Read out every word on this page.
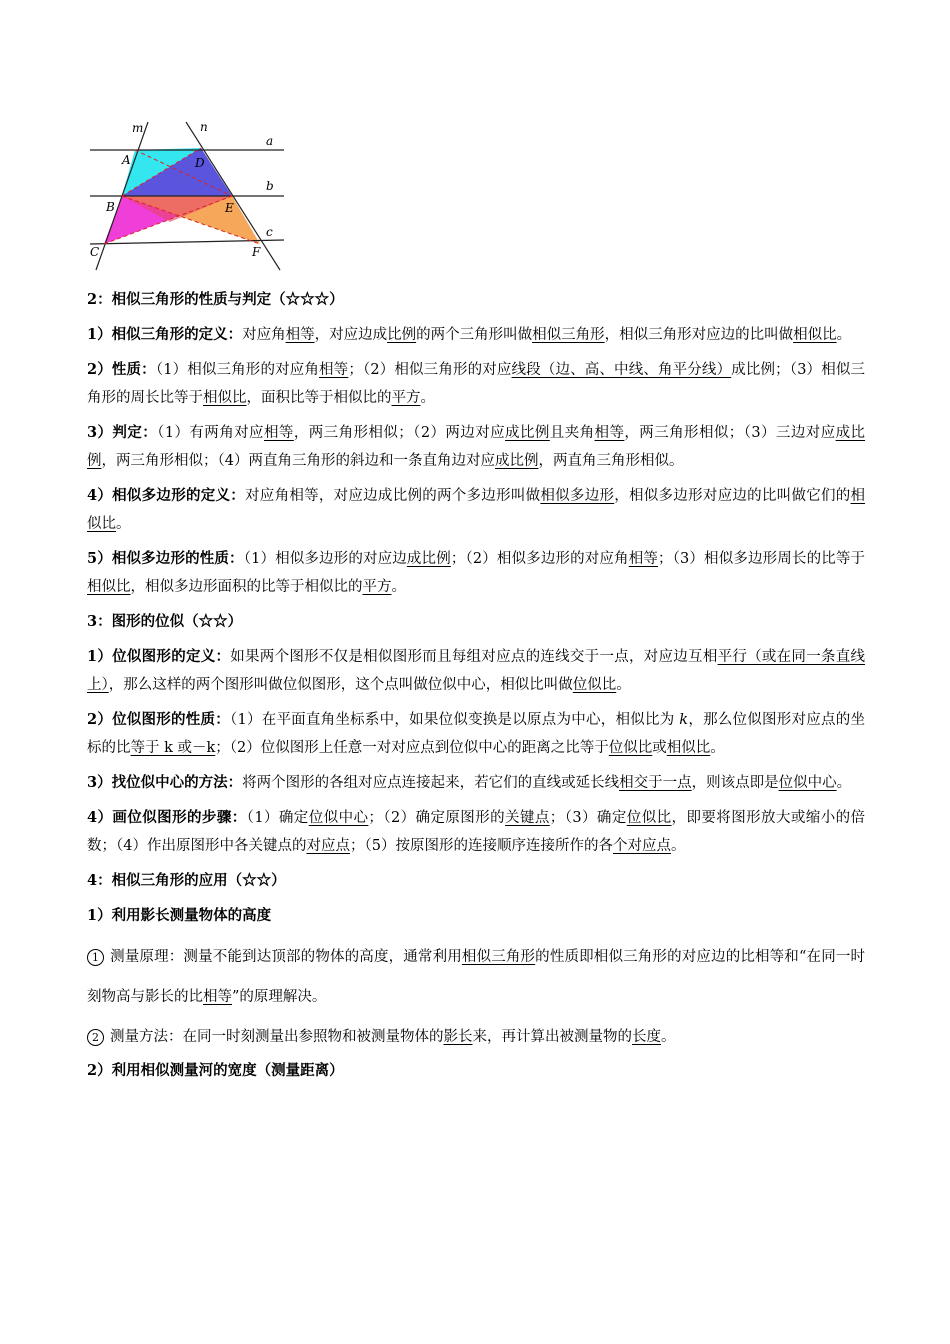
m	n
a
b
c
A	D
B	E
C	F

2：相似三角形的性质与判定（☆☆☆）

1）相似三角形的定义：对应角相等，对应边成比例的两个三角形叫做相似三角形，相似三角形对应边的比叫做相似比。

2）性质：（1）相似三角形的对应角相等；（2）相似三角形的对应线段（边、高、中线、角平分线）成比例；（3）相似三角形的周长比等于相似比，面积比等于相似比的平方。

3）判定：（1）有两角对应相等，两三角形相似；（2）两边对应成比例且夹角相等，两三角形相似；（3）三边对应成比例，两三角形相似；（4）两直角三角形的斜边和一条直角边对应成比例，两直角三角形相似。

4）相似多边形的定义：对应角相等，对应边成比例的两个多边形叫做相似多边形，相似多边形对应边的比叫做它们的相似比。

5）相似多边形的性质：（1）相似多边形的对应边成比例；（2）相似多边形的对应角相等；（3）相似多边形周长的比等于相似比，相似多边形面积的比等于相似比的平方。

3：图形的位似（☆☆）

1）位似图形的定义：如果两个图形不仅是相似图形而且每组对应点的连线交于一点，对应边互相平行（或在同一条直线上），那么这样的两个图形叫做位似图形，这个点叫做位似中心，相似比叫做位似比。

2）位似图形的性质：（1）在平面直角坐标系中，如果位似变换是以原点为中心，相似比为 k，那么位似图形对应点的坐标的比等于 k 或－k；（2）位似图形上任意一对对应点到位似中心的距离之比等于位似比或相似比。

3）找位似中心的方法：将两个图形的各组对应点连接起来，若它们的直线或延长线相交于一点，则该点即是位似中心。

4）画位似图形的步骤：（1）确定位似中心；（2）确定原图形的关键点；（3）确定位似比，即要将图形放大或缩小的倍数；（4）作出原图形中各关键点的对应点；（5）按原图形的连接顺序连接所作的各个对应点。

4：相似三角形的应用（☆☆）

1）利用影长测量物体的高度

1 测量原理：测量不能到达顶部的物体的高度，通常利用相似三角形的性质即相似三角形的对应边的比相等和“在同一时刻物高与影长的比相等”的原理解决。

2 测量方法：在同一时刻测量出参照物和被测量物体的影长来，再计算出被测量物的长度。

2）利用相似测量河的宽度（测量距离）
